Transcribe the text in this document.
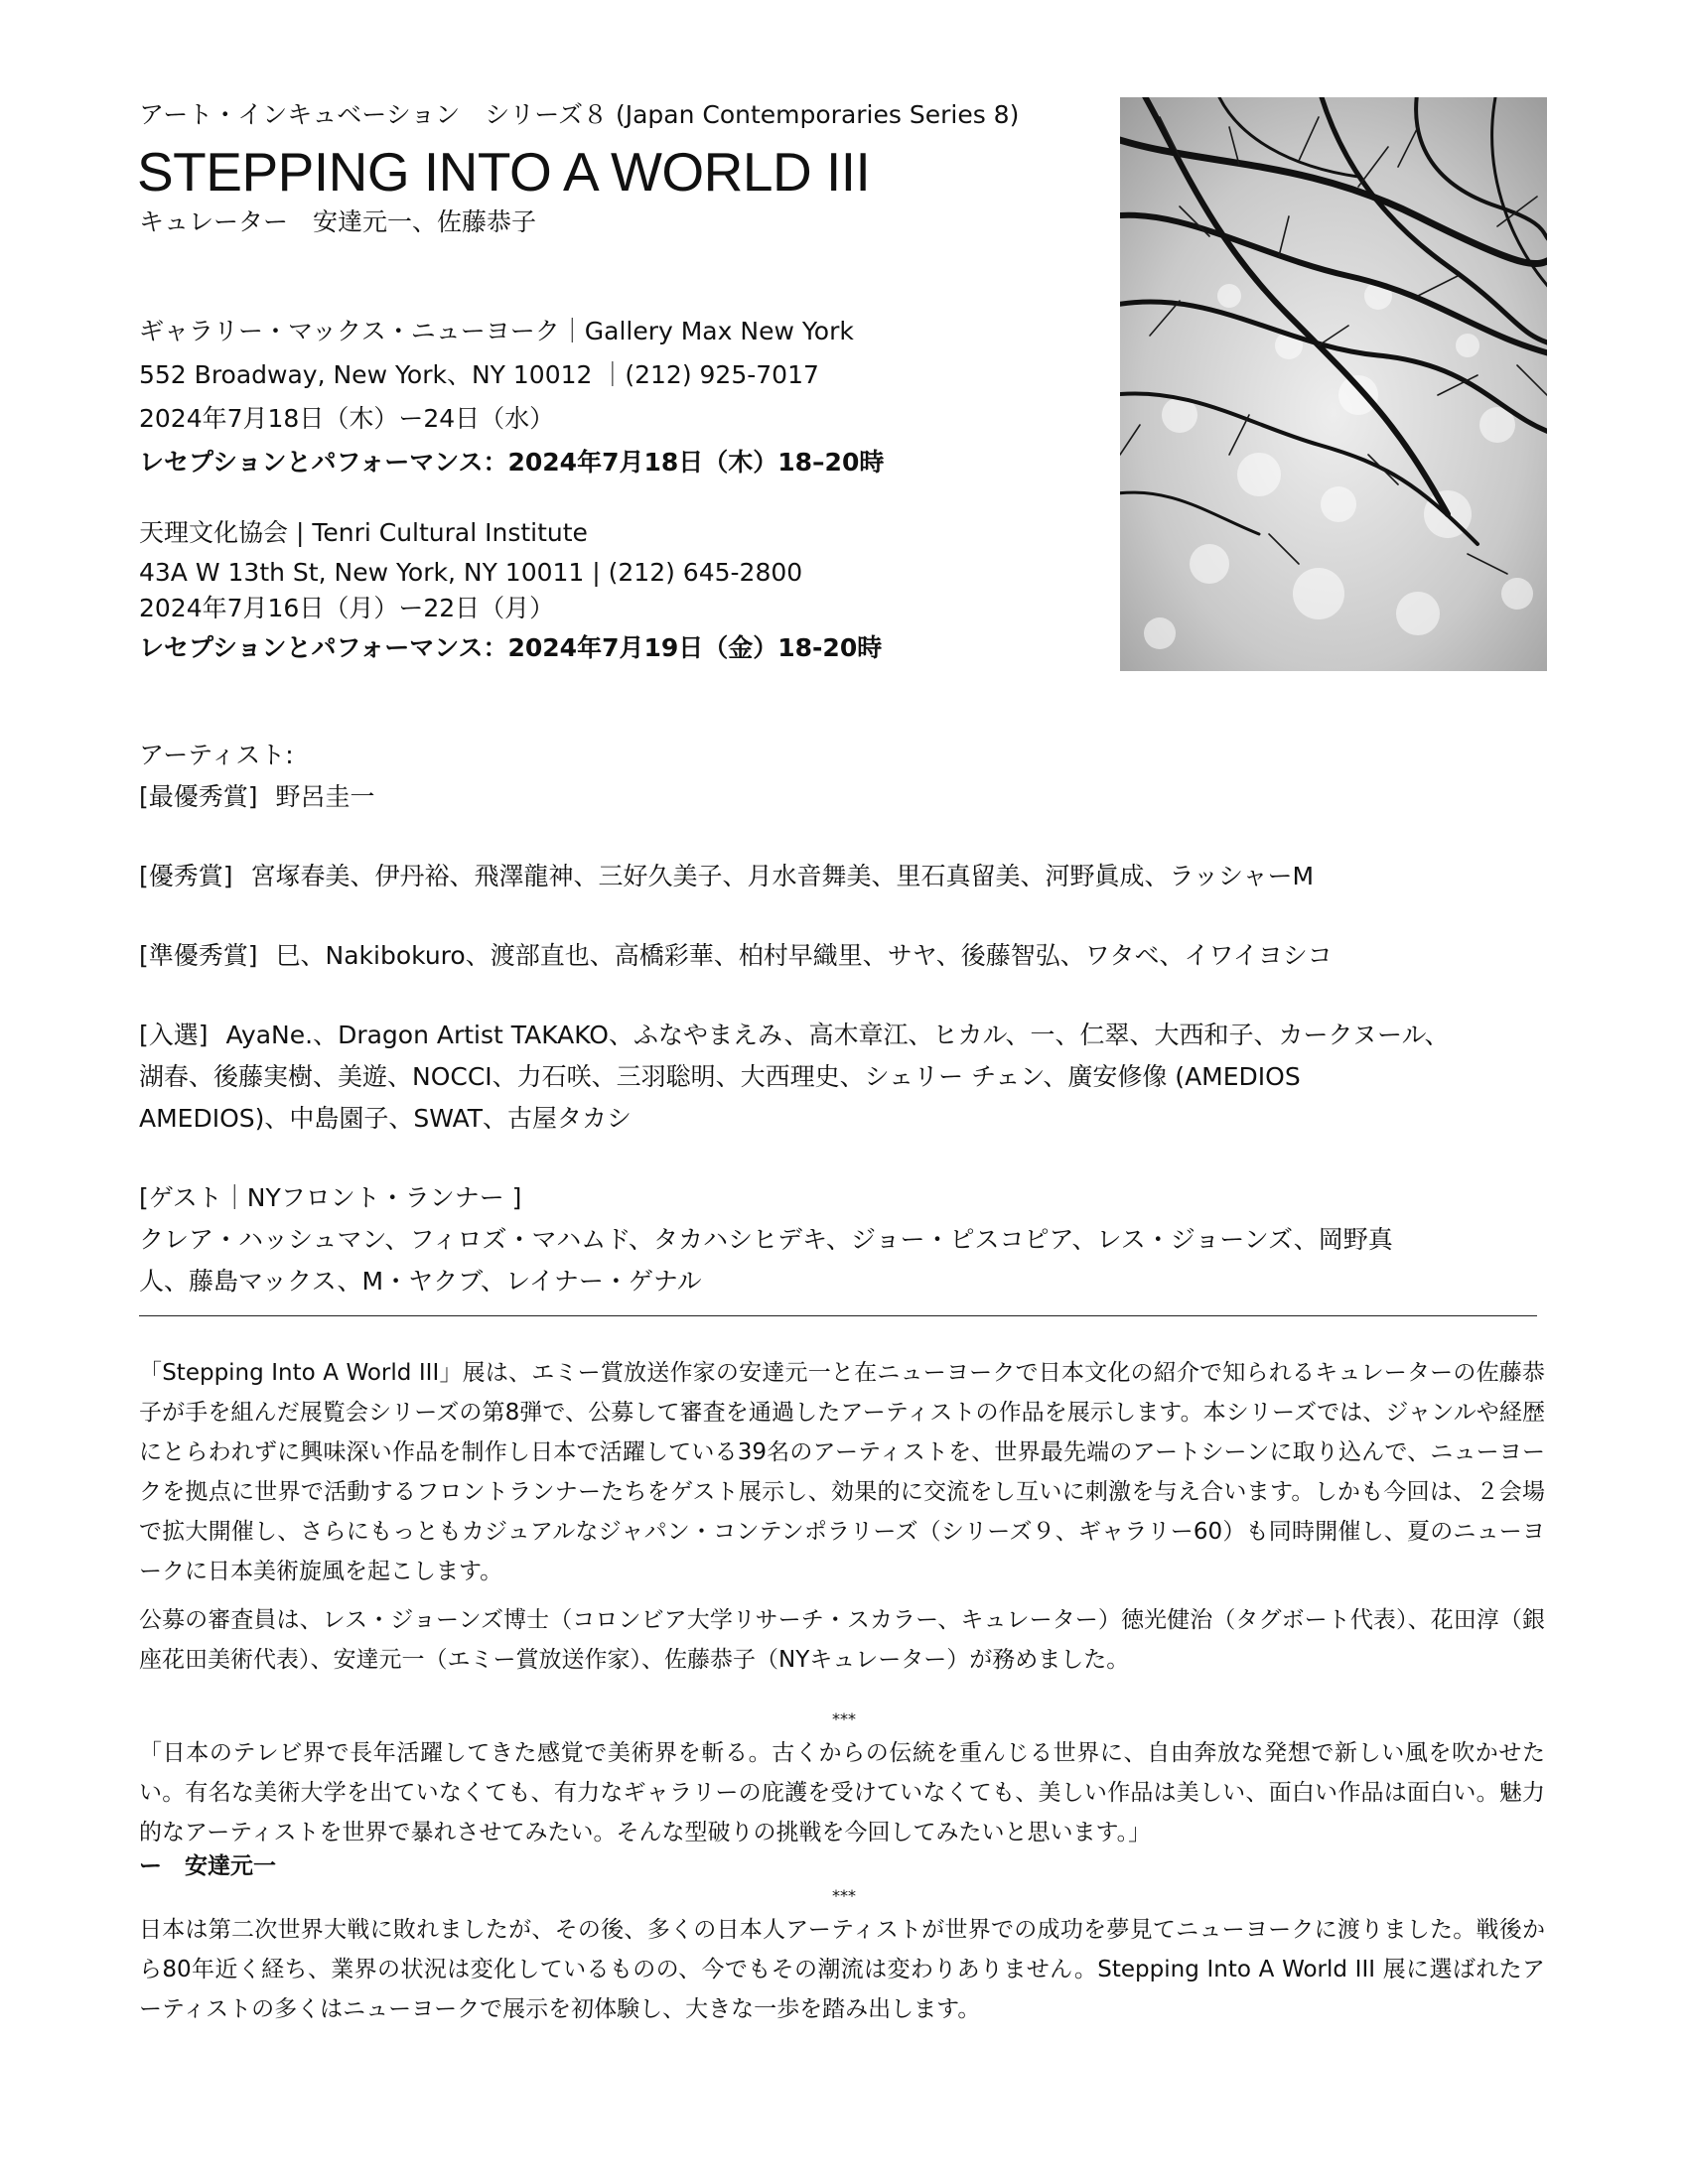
アート・インキュベーション　シリーズ８ (Japan Contemporaries Series 8)

STEPPING INTO A WORLD III

キュレーター　安達元一、佐藤恭子

ギャラリー・マックス・ニューヨーク｜Gallery Max New York

552 Broadway, New York、NY 10012 ｜(212) 925-7017

2024年7月18日（木）ー24日（水）

レセプションとパフォーマンス：2024年7月18日（木）18–20時

天理文化協会 | Tenri Cultural Institute

43A W 13th St, New York, NY 10011 | (212) 645-2800

2024年7月16日（月）ー22日（月）

レセプションとパフォーマンス：2024年7月19日（金）18-20時

アーティスト:

[最優秀賞] 野呂圭一

[優秀賞] 宮塚春美、伊丹裕、飛澤龍神、三好久美子、月水音舞美、里石真留美、河野眞成、ラッシャーM

[準優秀賞] 巳、Nakibokuro、渡部直也、高橋彩華、柏村早織里、サヤ、後藤智弘、ワタベ、イワイヨシコ

[入選] AyaNe.、Dragon Artist TAKAKO、ふなやまえみ、高木章江、ヒカル、一、仁翠、大西和子、カークヌール、

湖春、後藤実樹、美遊、NOCCI、力石咲、三羽聡明、大西理史、シェリー チェン、廣安修像 (AMEDIOS

AMEDIOS)、中島園子、SWAT、古屋タカシ

[ゲスト｜NYフロント・ランナー ]

クレア・ハッシュマン、フィロズ・マハムド、タカハシヒデキ、ジョー・ピスコピア、レス・ジョーンズ、岡野真

人、藤島マックス、M・ヤクブ、レイナー・ゲナル

「Stepping Into A World III」展は、エミー賞放送作家の安達元一と在ニューヨークで日本文化の紹介で知られるキュレーターの佐藤恭子が手を組んだ展覧会シリーズの第8弾で、公募して審査を通過したアーティストの作品を展示します。本シリーズでは、ジャンルや経歴にとらわれずに興味深い作品を制作し日本で活躍している39名のアーティストを、世界最先端のアートシーンに取り込んで、ニューヨークを拠点に世界で活動するフロントランナーたちをゲスト展示し、効果的に交流をし互いに刺激を与え合います。しかも今回は、２会場で拡大開催し、さらにもっともカジュアルなジャパン・コンテンポラリーズ（シリーズ９、ギャラリー60）も同時開催し、夏のニューヨークに日本美術旋風を起こします。

公募の審査員は、レス・ジョーンズ博士（コロンビア大学リサーチ・スカラー、キュレーター）徳光健治（タグボート代表）、花田淳（銀座花田美術代表）、安達元一（エミー賞放送作家）、佐藤恭子（NYキュレーター）が務めました。

***

「日本のテレビ界で長年活躍してきた感覚で美術界を斬る。古くからの伝統を重んじる世界に、自由奔放な発想で新しい風を吹かせたい。有名な美術大学を出ていなくても、有力なギャラリーの庇護を受けていなくても、美しい作品は美しい、面白い作品は面白い。魅力的なアーティストを世界で暴れさせてみたい。そんな型破りの挑戦を今回してみたいと思います。」

ー　安達元一

***

日本は第二次世界大戦に敗れましたが、その後、多くの日本人アーティストが世界での成功を夢見てニューヨークに渡りました。戦後から80年近く経ち、業界の状況は変化しているものの、今でもその潮流は変わりありません。Stepping Into A World III 展に選ばれたアーティストの多くはニューヨークで展示を初体験し、大きな一歩を踏み出します。
